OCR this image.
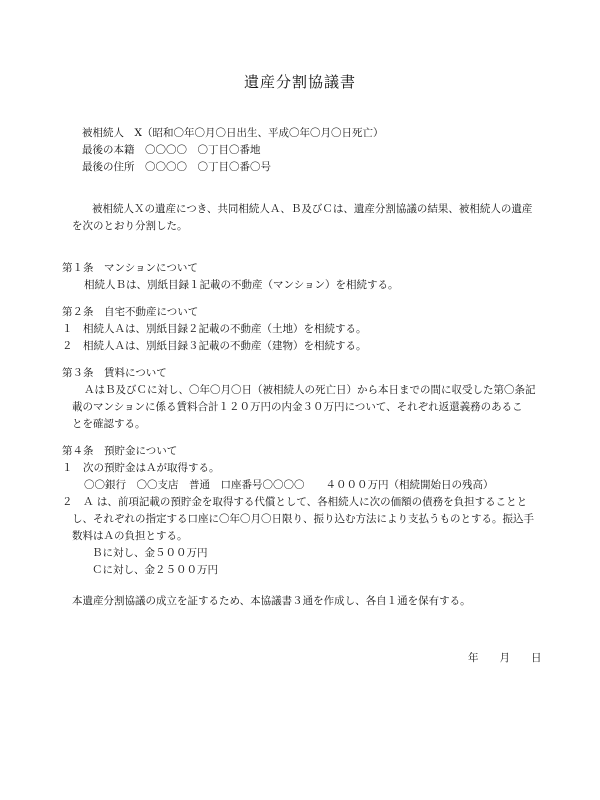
遺産分割協議書
被相続人　X（昭和〇年〇月〇日出生、平成〇年〇月〇日死亡）
最後の本籍　〇〇〇〇　〇丁目〇番地
最後の住所　〇〇〇〇　〇丁目〇番〇号
被相続人Ｘの遺産につき、共同相続人Ａ、Ｂ及びＣは、遺産分割協議の結果、被相続人の遺産
を次のとおり分割した。
第１条　マンションについて
相続人Ｂは、別紙目録１記載の不動産（マンション）を相続する。
第２条　自宅不動産について
１　相続人Ａは、別紙目録２記載の不動産（土地）を相続する。
２　相続人Ａは、別紙目録３記載の不動産（建物）を相続する。
第３条　賃料について
ＡはＢ及びＣに対し、〇年〇月〇日（被相続人の死亡日）から本日までの間に収受した第〇条記
載のマンションに係る賃料合計１２０万円の内金３０万円について、それぞれ返還義務のあるこ
とを確認する。
第４条　預貯金について
１　次の預貯金はＡが取得する。
〇〇銀行　〇〇支店　普通　口座番号〇〇〇〇　　４０００万円（相続開始日の残高）
２　Ａ は、前項記載の預貯金を取得する代償として、各相続人に次の価額の債務を負担することと
し、それぞれの指定する口座に〇年〇月〇日限り、振り込む方法により支払うものとする。振込手
数料はＡの負担とする。
Ｂに対し、金５００万円
Ｃに対し、金２５００万円
本遺産分割協議の成立を証するため、本協議書３通を作成し、各自１通を保有する。
年　　月　　日
